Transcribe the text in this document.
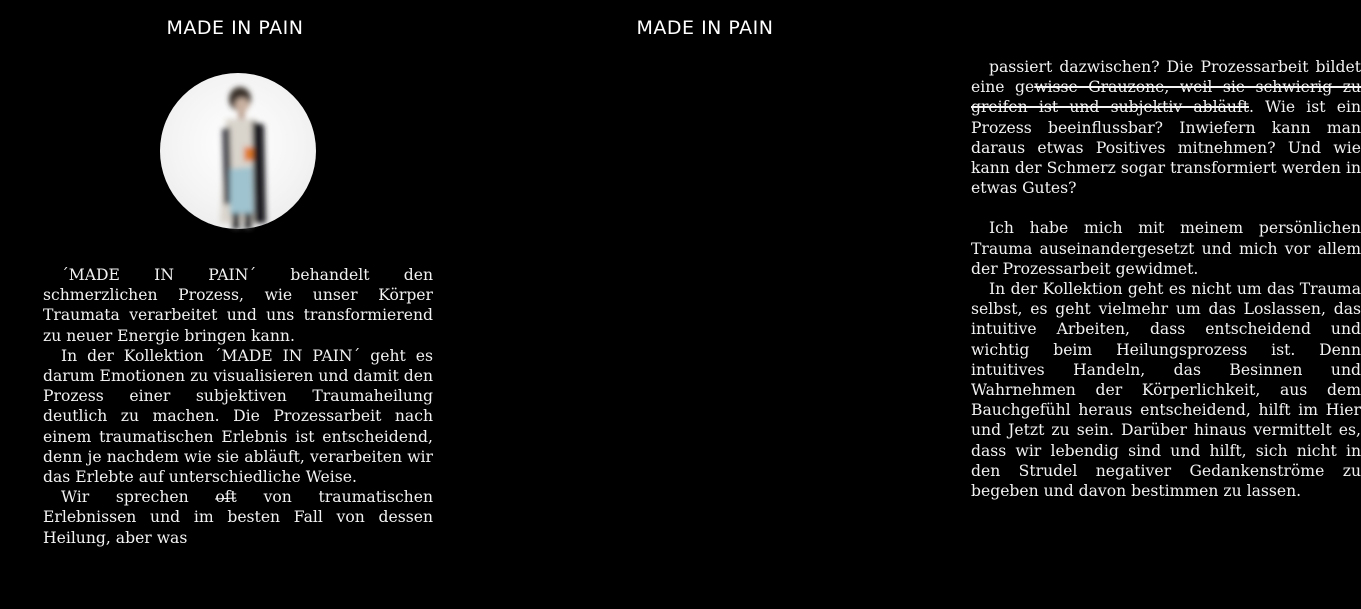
MADE IN PAIN

´MADE IN PAIN´ behandelt den schmerzlichen Prozess, wie unser Körper Traumata verarbeitet und uns transformierend zu neuer Energie bringen kann.

In der Kollektion ´MADE IN PAIN´ geht es darum Emotionen zu visualisieren und damit den Prozess einer subjektiven Traumaheilung deutlich zu machen. Die Prozessarbeit nach einem traumatischen Erlebnis ist entscheidend, denn je nachdem wie sie abläuft, verarbeiten wir das Erlebte auf unterschiedliche Weise.

Wir sprechen oft von traumatischen Erlebnissen und im besten Fall von dessen Heilung, aber was

MADE IN PAIN

passiert dazwischen? Die Prozessarbeit bildet eine gewisse Grauzone, weil sie schwierig zu greifen ist und subjektiv abläuft. Wie ist ein Prozess beeinflussbar? Inwiefern kann man daraus etwas Positives mitnehmen? Und wie kann der Schmerz sogar transformiert werden in etwas Gutes?

Ich habe mich mit meinem persönlichen Trauma auseinandergesetzt und mich vor allem der Prozessarbeit gewidmet.

In der Kollektion geht es nicht um das Trauma selbst, es geht vielmehr um das Loslassen, das intuitive Arbeiten, dass entscheidend und wichtig beim Heilungsprozess ist. Denn intuitives Handeln, das Besinnen und Wahrnehmen der Körperlichkeit, aus dem Bauchgefühl heraus entscheidend, hilft im Hier und Jetzt zu sein. Darüber hinaus vermittelt es, dass wir lebendig sind und hilft, sich nicht in den Strudel negativer Gedankenströme zu begeben und davon bestimmen zu lassen.
